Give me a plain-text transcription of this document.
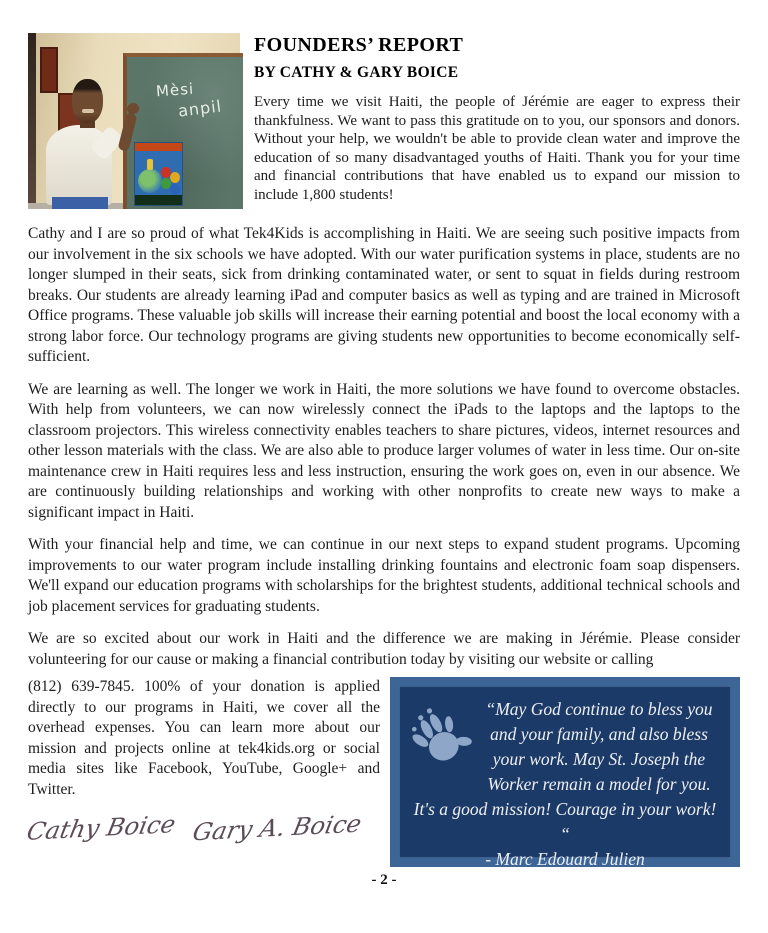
Mèsi
anpil
FOUNDERS’ REPORT
BY CATHY & GARY BOICE

Every time we visit Haiti, the people of Jérémie are eager to express their thankfulness. We want to pass this gratitude on to you, our sponsors and donors. Without your help, we wouldn't be able to provide clean water and improve the education of so many disadvantaged youths of Haiti. Thank you for your time and financial contributions that have enabled us to expand our mission to include 1,800 students!

Cathy and I are so proud of what Tek4Kids is accomplishing in Haiti. We are seeing such positive impacts from our involvement in the six schools we have adopted. With our water purification systems in place, students are no longer slumped in their seats, sick from drinking contaminated water, or sent to squat in fields during restroom breaks. Our students are already learning iPad and computer basics as well as typing and are trained in Microsoft Office programs. These valuable job skills will increase their earning potential and boost the local economy with a strong labor force. Our technology programs are giving students new opportunities to become economically self-sufficient.

We are learning as well. The longer we work in Haiti, the more solutions we have found to overcome obstacles. With help from volunteers, we can now wirelessly connect the iPads to the laptops and the laptops to the classroom projectors. This wireless connectivity enables teachers to share pictures, videos, internet resources and other lesson materials with the class. We are also able to produce larger volumes of water in less time. Our on-site maintenance crew in Haiti requires less and less instruction, ensuring the work goes on, even in our absence. We are continuously building relationships and working with other nonprofits to create new ways to make a significant impact in Haiti.

With your financial help and time, we can continue in our next steps to expand student programs. Upcoming improvements to our water program include installing drinking fountains and electronic foam soap dispensers. We'll expand our education programs with scholarships for the brightest students, additional technical schools and job placement services for graduating students.

We are so excited about our work in Haiti and the difference we are making in Jérémie. Please consider volunteering for our cause or making a financial contribution today by visiting our website or calling

(812) 639-7845. 100% of your donation is applied directly to our programs in Haiti, we cover all the overhead expenses. You can learn more about our mission and projects online at tek4kids.org or social media sites like Facebook, YouTube, Google+ and Twitter.

Cathy Boice Gary A. Boice
“May God continue to bless you and your family, and also bless your work. May St. Joseph the Worker remain a model for you. It's a good mission! Courage in your work! “
- Marc Edouard Julien
- 2 -
